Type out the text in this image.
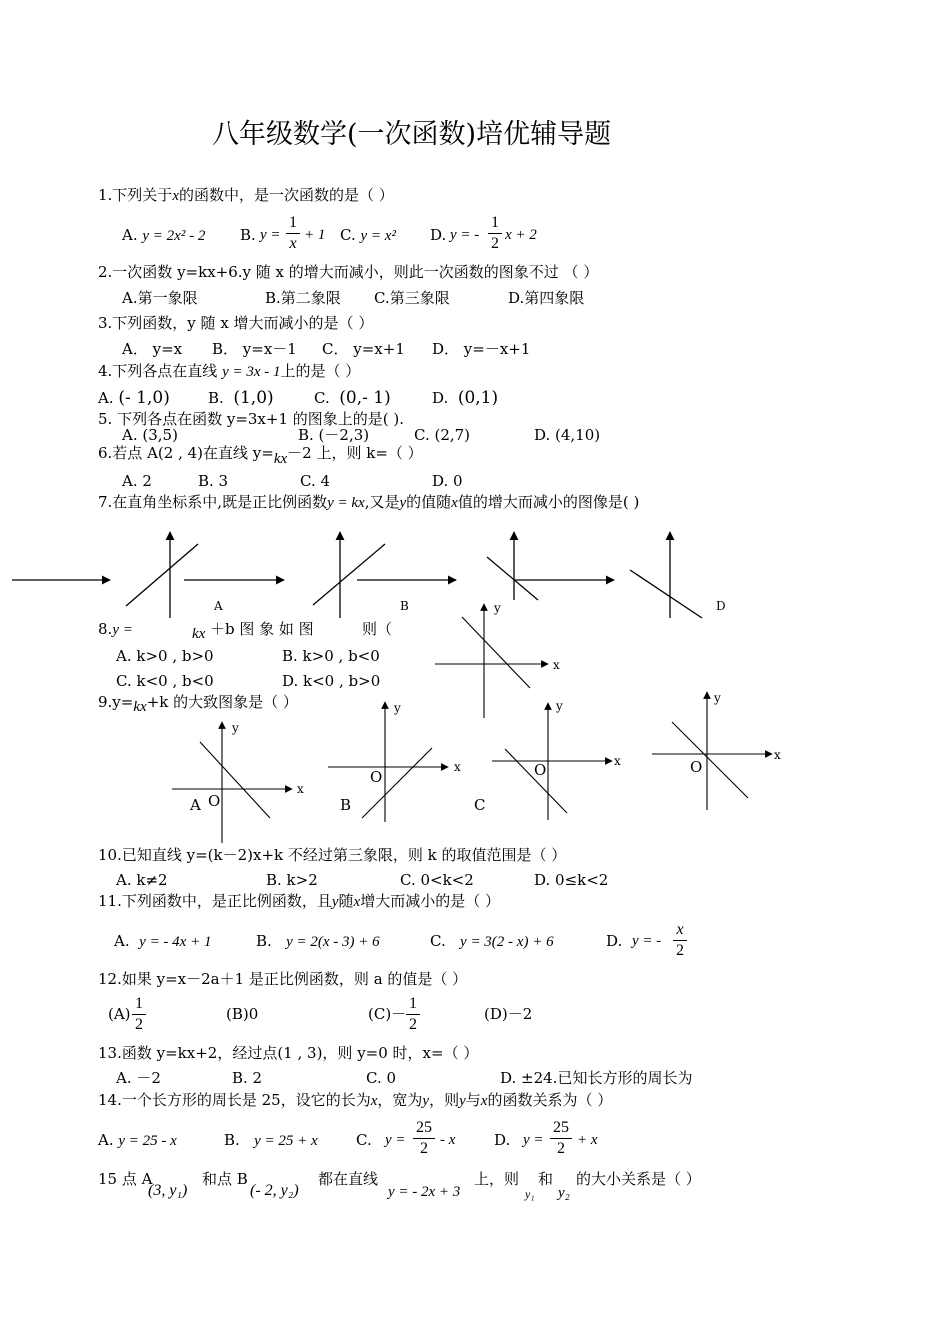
八年级数学(一次函数)培优辅导题
1.下列关于x的函数中，是一次函数的是（ ）
A. y = 2x² - 2 B. y =
1
x + 1 C. y = x² D. y = -
1
2 x + 2
2.一次函数 y=kx+6.y 随 x 的增大而减小，则此一次函数的图象不过 （ ）
A.第一象限	B.第二象限 C.第三象限	D.第四象限
3.下列函数，y 随 x 增大而减小的是（ ）
A． y=x B． y=x－1 C． y=x+1 D． y=－x+1
4.下列各点在直线 y = 3x - 1上的是（ ）
A. (- 1,0)	B. (1,0)	C. (0,- 1)	D. (0,1)
5. 下列各点在函数 y=3x+1 的图象上的是( ).
A. (3,5)	B. (－2,3)	C. (2,7)	D. (4,10)
6.若点 A(2 , 4)在直线 y=kx－2 上，则 k=（ ）
A. 2	B. 3	C. 4	D. 0
7.在直角坐标系中,既是正比例函数y = kx,又是y的值随x值的增大而减小的图像是( )
A	B	D
8.y =	kx ＋b 图 象 如 图	则（
y
x
A. k>0 , b>0	B. k>0 , b<0
C. k<0 , b<0	D. k<0 , b>0
9.y=kx+k 的大致图象是（ ）
y
x
A O
y
x
O
B
y
x
O
C
y
x
O
10.已知直线 y=(k－2)x+k 不经过第三象限，则 k 的取值范围是（ ）
A. k≠2	B. k>2	C. 0<k<2	D. 0≤k<2
11.下列函数中，是正比例函数，且y随x增大而减小的是（ ）
A. y = - 4x + 1	B. y = 2(x - 3) + 6	C. y = 3(2 - x) + 6	D. y = -
x
2
12.如果 y=x－2a＋1 是正比例函数，则 a 的值是（ ）
(A)
1
2
(B)0	(C)－
1
2
(D)－2
13.函数 y=kx+2，经过点(1 , 3)，则 y=0 时，x=（ ）
A. －2	B. 2	C. 0	D. ±24.已知长方形的周长为
14.一个长方形的周长是 25，设它的长为x，宽为y，则y与x的函数关系为（ ）
A. y = 25 - x	B. y = 25 + x	C. y =
25
2 - x	D. y =
25
2 + x
15 点 A
(3, y₁)
和点 B
(- 2, y₂)
都在直线
y = - 2x + 3
上，则
y₁
和
y₂
的大小关系是（ ）
